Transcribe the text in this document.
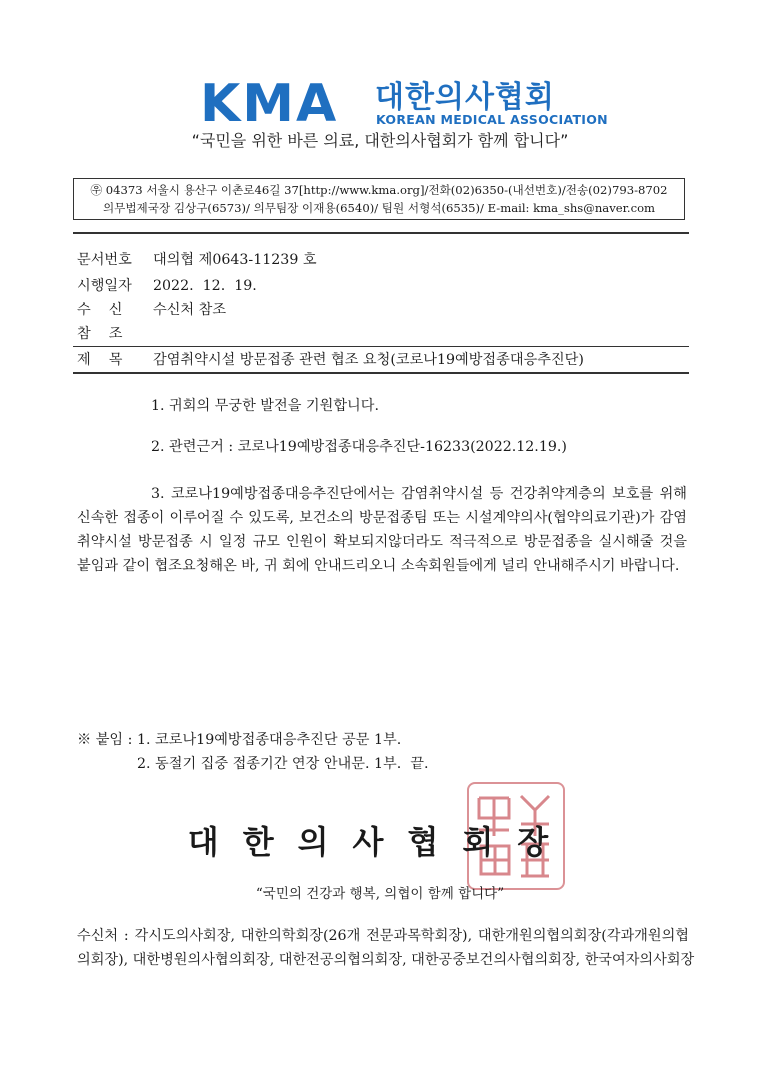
KMA 대한의사협회
KOREAN MEDICAL ASSOCIATION
“국민을 위한 바른 의료, 대한의사협회가 함께 합니다”
㉾ 04373 서울시 용산구 이촌로46길 37[http://www.kma.org]/전화(02)6350-(내선번호)/전송(02)793-8702
의무법제국장 김상구(6573)/ 의무팀장 이재용(6540)/ 팀원 서형석(6535)/ E-mail: kma_shs@naver.com
문서번호 대의협 제0643-11239 호
시행일자 2022.  12.  19.
수    신 수신처 참조
참    조
제    목 감염취약시설 방문접종 관련 협조 요청(코로나19예방접종대응추진단)
1. 귀회의 무궁한 발전을 기원합니다.
2. 관련근거 : 코로나19예방접종대응추진단-16233(2022.12.19.)
3. 코로나19예방접종대응추진단에서는 감염취약시설 등 건강취약계층의 보호를 위해
신속한 접종이 이루어질 수 있도록, 보건소의 방문접종팀 또는 시설계약의사(협약의료기관)가 감염
취약시설 방문접종 시 일정 규모 인원이 확보되지않더라도 적극적으로 방문접종을 실시해줄 것을
붙임과 같이 협조요청해온 바, 귀 회에 안내드리오니 소속회원들에게 널리 안내해주시기 바랍니다.
※ 붙임 : 1. 코로나19예방접종대응추진단 공문 1부.
2. 동절기 집중 접종기간 연장 안내문. 1부.  끝.
대한의사협회장
“국민의 건강과 행복, 의협이 함께 합니다”
수신처 : 각시도의사회장, 대한의학회장(26개 전문과목학회장), 대한개원의협의회장(각과개원의협
의회장), 대한병원의사협의회장, 대한전공의협의회장, 대한공중보건의사협의회장, 한국여자의사회장
